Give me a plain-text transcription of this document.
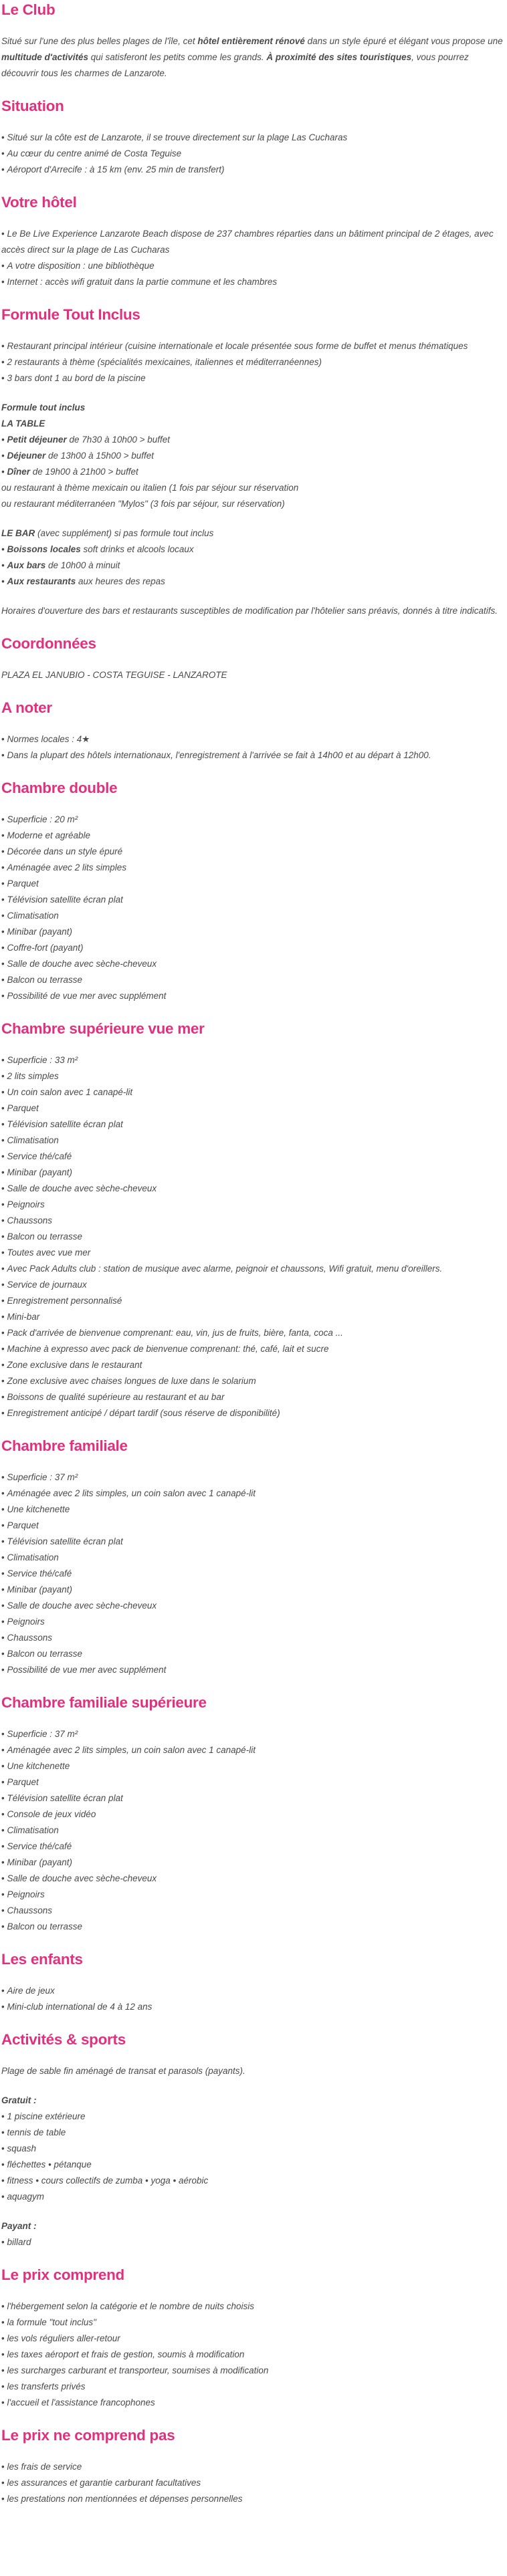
Le Club

Situé sur l'une des plus belles plages de l'île, cet hôtel entièrement rénové dans un style épuré et élégant vous propose une multitude d'activités qui satisferont les petits comme les grands. À proximité des sites touristiques, vous pourrez découvrir tous les charmes de Lanzarote.

Situation
• Situé sur la côte est de Lanzarote, il se trouve directement sur la plage Las Cucharas
• Au cœur du centre animé de Costa Teguise
• Aéroport d'Arrecife : à 15 km (env. 25 min de transfert)
Votre hôtel
• Le Be Live Experience Lanzarote Beach dispose de 237 chambres réparties dans un bâtiment principal de 2 étages, avec accès direct sur la plage de Las Cucharas
• A votre disposition : une bibliothèque
• Internet : accès wifi gratuit dans la partie commune et les chambres
Formule Tout Inclus
• Restaurant principal intérieur (cuisine internationale et locale présentée sous forme de buffet et menus thématiques
• 2 restaurants à thème (spécialités mexicaines, italiennes et méditerranéennes)
• 3 bars dont 1 au bord de la piscine
Formule tout inclus
LA TABLE
• Petit déjeuner de 7h30 à 10h00 > buffet
• Déjeuner de 13h00 à 15h00 > buffet
• Dîner de 19h00 à 21h00 > buffet
ou restaurant à thème mexicain ou italien (1 fois par séjour sur réservation
ou restaurant méditerranéen "Mylos" (3 fois par séjour, sur réservation)
LE BAR (avec supplément) si pas formule tout inclus
• Boissons locales soft drinks et alcools locaux
• Aux bars de 10h00 à minuit
• Aux restaurants aux heures des repas

Horaires d'ouverture des bars et restaurants susceptibles de modification par l'hôtelier sans préavis, donnés à titre indicatifs.

Coordonnées

PLAZA EL JANUBIO - COSTA TEGUISE - LANZAROTE

A noter
• Normes locales : 4★
• Dans la plupart des hôtels internationaux, l'enregistrement à l'arrivée se fait à 14h00 et au départ à 12h00.
Chambre double
• Superficie : 20 m²
• Moderne et agréable
• Décorée dans un style épuré
• Aménagée avec 2 lits simples
• Parquet
• Télévision satellite écran plat
• Climatisation
• Minibar (payant)
• Coffre-fort (payant)
• Salle de douche avec sèche-cheveux
• Balcon ou terrasse
• Possibilité de vue mer avec supplément
Chambre supérieure vue mer
• Superficie : 33 m²
• 2 lits simples
• Un coin salon avec 1 canapé-lit
• Parquet
• Télévision satellite écran plat
• Climatisation
• Service thé/café
• Minibar (payant)
• Salle de douche avec sèche-cheveux
• Peignoirs
• Chaussons
• Balcon ou terrasse
• Toutes avec vue mer
• Avec Pack Adults club : station de musique avec alarme, peignoir et chaussons, Wifi gratuit, menu d'oreillers.
• Service de journaux
• Enregistrement personnalisé
• Mini-bar
• Pack d'arrivée de bienvenue comprenant: eau, vin, jus de fruits, bière, fanta, coca ...
• Machine à expresso avec pack de bienvenue comprenant: thé, café, lait et sucre
• Zone exclusive dans le restaurant
• Zone exclusive avec chaises longues de luxe dans le solarium
• Boissons de qualité supérieure au restaurant et au bar
• Enregistrement anticipé / départ tardif (sous réserve de disponibilité)
Chambre familiale
• Superficie : 37 m²
• Aménagée avec 2 lits simples, un coin salon avec 1 canapé-lit
• Une kitchenette
• Parquet
• Télévision satellite écran plat
• Climatisation
• Service thé/café
• Minibar (payant)
• Salle de douche avec sèche-cheveux
• Peignoirs
• Chaussons
• Balcon ou terrasse
• Possibilité de vue mer avec supplément
Chambre familiale supérieure
• Superficie : 37 m²
• Aménagée avec 2 lits simples, un coin salon avec 1 canapé-lit
• Une kitchenette
• Parquet
• Télévision satellite écran plat
• Console de jeux vidéo
• Climatisation
• Service thé/café
• Minibar (payant)
• Salle de douche avec sèche-cheveux
• Peignoirs
• Chaussons
• Balcon ou terrasse
Les enfants
• Aire de jeux
• Mini-club international de 4 à 12 ans
Activités & sports

Plage de sable fin aménagé de transat et parasols (payants).

Gratuit :
• 1 piscine extérieure
• tennis de table
• squash
• fléchettes • pétanque
• fitness • cours collectifs de zumba • yoga • aérobic
• aquagym
Payant :
• billard
Le prix comprend
• l'hébergement selon la catégorie et le nombre de nuits choisis
• la formule "tout inclus"
• les vols réguliers aller-retour
• les taxes aéroport et frais de gestion, soumis à modification
• les surcharges carburant et transporteur, soumises à modification
• les transferts privés
• l'accueil et l'assistance francophones
Le prix ne comprend pas
• les frais de service
• les assurances et garantie carburant facultatives
• les prestations non mentionnées et dépenses personnelles
